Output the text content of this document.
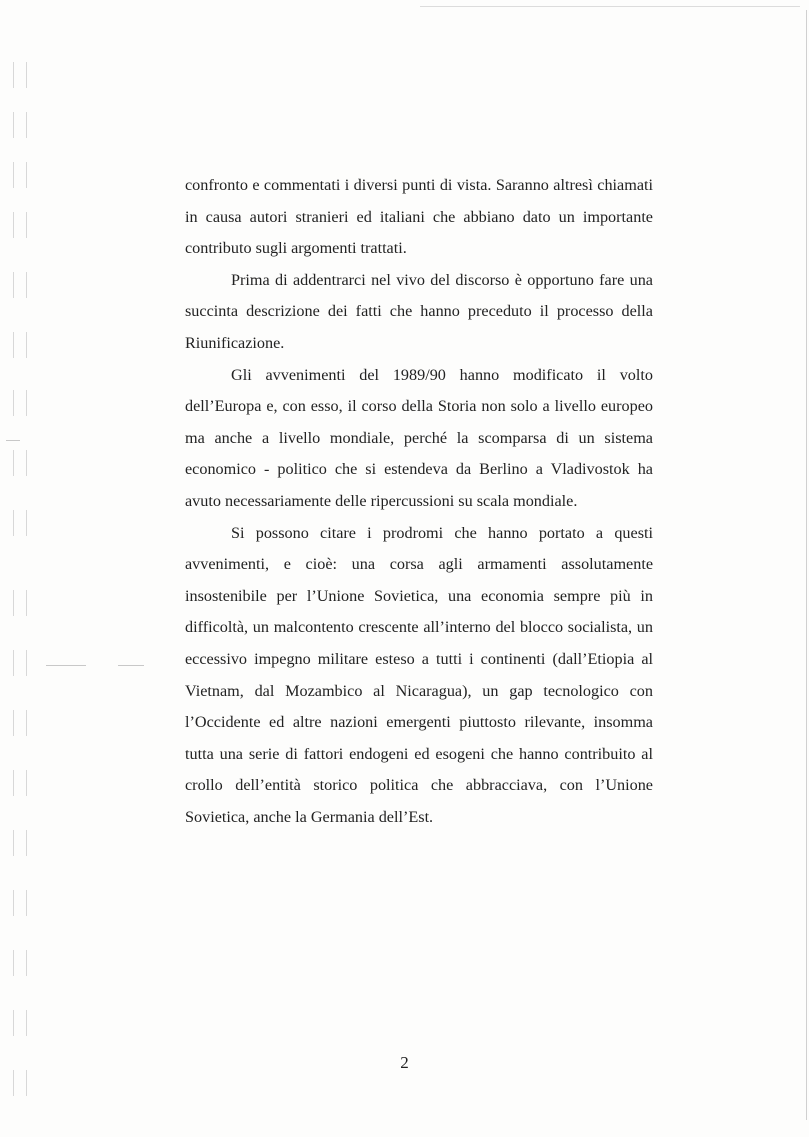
confronto e commentati i diversi punti di vista. Saranno altresì chiamati in causa autori stranieri ed italiani che abbiano dato un importante contributo sugli argomenti trattati.

Prima di addentrarci nel vivo del discorso è opportuno fare una succinta descrizione dei fatti che hanno preceduto il processo della Riunificazione.

Gli avvenimenti del 1989/90 hanno modificato il volto dell’Europa e, con esso, il corso della Storia non solo a livello europeo ma anche a livello mondiale, perché la scomparsa di un sistema economico - politico che si estendeva da Berlino a Vladivostok ha avuto necessariamente delle ripercussioni su scala mondiale.

Si possono citare i prodromi che hanno portato a questi avvenimenti, e cioè: una corsa agli armamenti assolutamente insostenibile per l’Unione Sovietica, una economia sempre più in difficoltà, un malcontento crescente all’interno del blocco socialista, un eccessivo impegno militare esteso a tutti i continenti (dall’Etiopia al Vietnam, dal Mozambico al Nicaragua), un gap tecnologico con l’Occidente ed altre nazioni emergenti piuttosto rilevante, insomma tutta una serie di fattori endogeni ed esogeni che hanno contribuito al crollo dell’entità storico politica che abbracciava, con l’Unione Sovietica, anche la Germania dell’Est.

2
